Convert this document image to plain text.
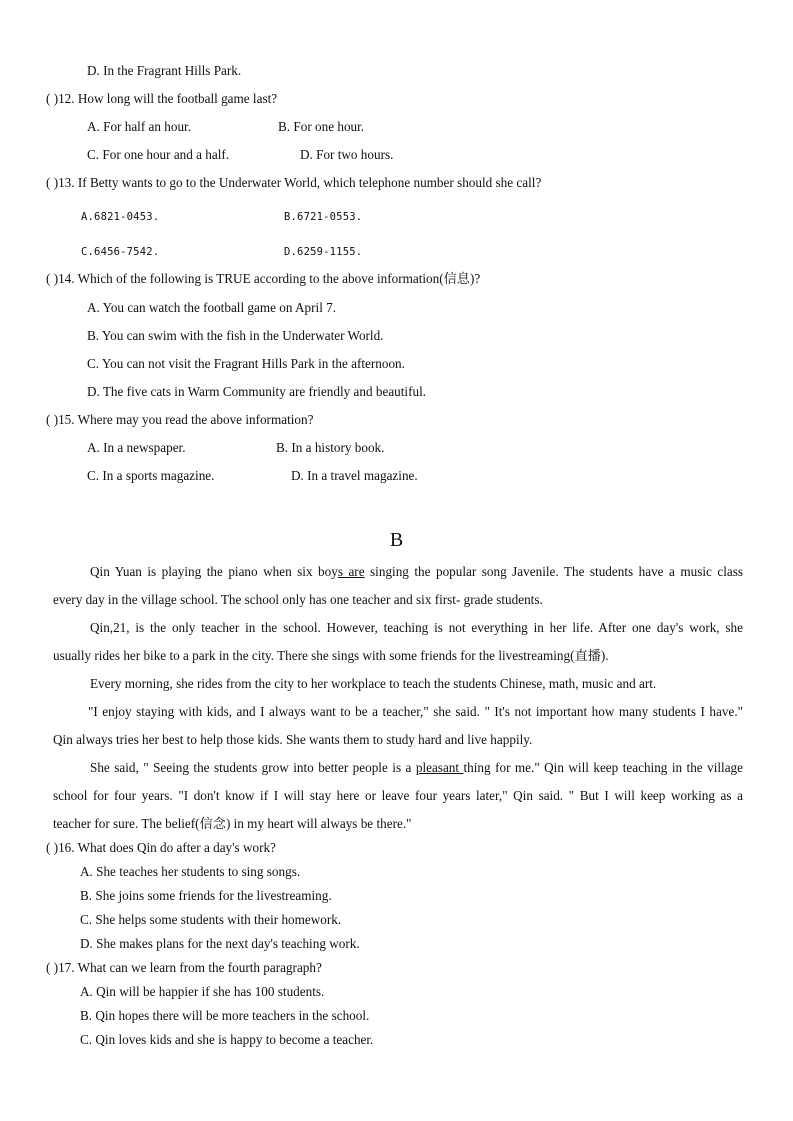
D. In the Fragrant Hills Park.
( )12. How long will the football game last?
A. For half an hour.	B. For one hour.
C. For one hour and a half.	D. For two hours.
( )13. If Betty wants to go to the Underwater World, which telephone number should she call?
A.6821-0453.	B.6721-0553.
C.6456-7542.	D.6259-1155.
( )14. Which of the following is TRUE according to the above information(信息)?
A. You can watch the football game on April 7.
B. You can swim with the fish in the Underwater World.
C. You can not visit the Fragrant Hills Park in the afternoon.
D. The five cats in Warm Community are friendly and beautiful.
( )15. Where may you read the above information?
A. In a newspaper.	B. In a history book.
C. In a sports magazine.	D. In a travel magazine.
B
Qin Yuan is playing the piano when six boys are singing the popular song Javenile. The students have a music class
every day in the village school. The school only has one teacher and six first- grade students.
Qin,21, is the only teacher in the school. However, teaching is not everything in her life. After one day's work, she
usually rides her bike to a park in the city. There she sings with some friends for the livestreaming(直播).
Every morning, she rides from the city to her workplace to teach the students Chinese, math, music and art.
"I enjoy staying with kids, and I always want to be a teacher," she said. " It's not important how many students I have."
Qin always tries her best to help those kids. She wants them to study hard and live happily.
She said, " Seeing the students grow into better people is a pleasant thing for me." Qin will keep teaching in the village
school for four years. "I don't know if I will stay here or leave four years later," Qin said. " But I will keep working as a
teacher for sure. The belief(信念) in my heart will always be there."
( )16. What does Qin do after a day's work?
A. She teaches her students to sing songs.
B. She joins some friends for the livestreaming.
C. She helps some students with their homework.
D. She makes plans for the next day's teaching work.
( )17. What can we learn from the fourth paragraph?
A. Qin will be happier if she has 100 students.
B. Qin hopes there will be more teachers in the school.
C. Qin loves kids and she is happy to become a teacher.
